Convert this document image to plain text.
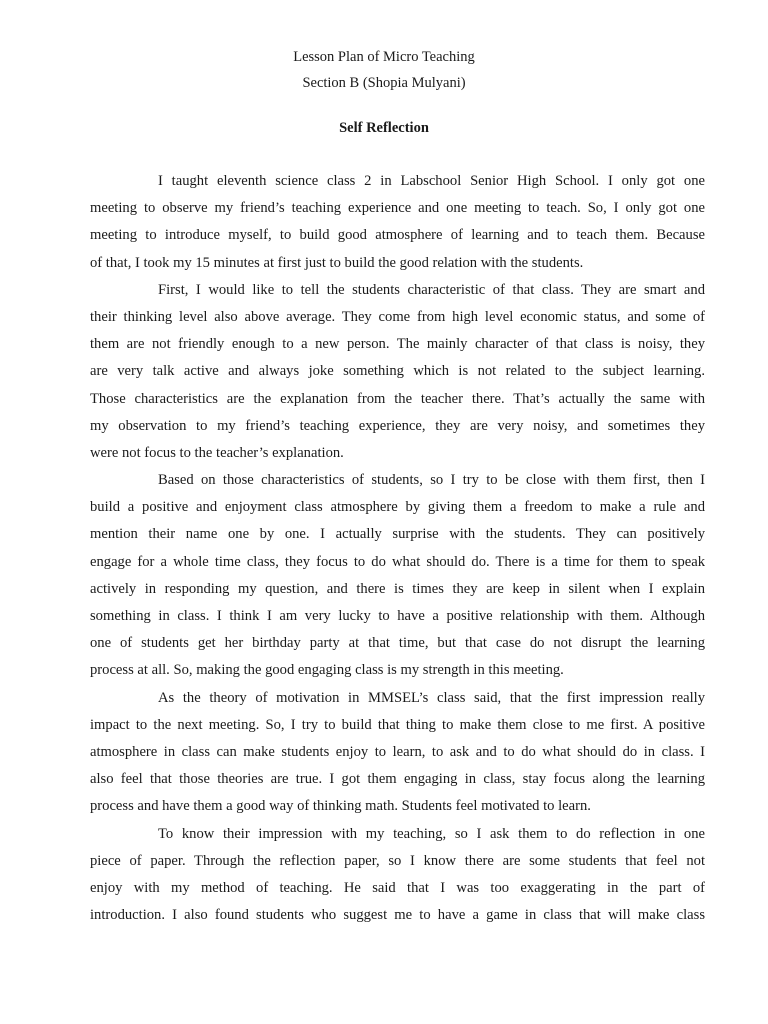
Lesson Plan of Micro Teaching
Section B (Shopia Mulyani)
Self Reflection
I taught eleventh science class 2 in Labschool Senior High School. I only got one
meeting to observe my friend’s teaching experience and one meeting to teach. So, I only got one
meeting to introduce myself, to build good atmosphere of learning and to teach them. Because
of that, I took my 15 minutes at first just to build the good relation with the students.
First, I would like to tell the students characteristic of that class. They are smart and
their thinking level also above average. They come from high level economic status, and some of
them are not friendly enough to a new person. The mainly character of that class is noisy, they
are very talk active and always joke something which is not related to the subject learning.
Those characteristics are the explanation from the teacher there. That’s actually the same with
my observation to my friend’s teaching experience, they are very noisy, and sometimes they
were not focus to the teacher’s explanation.
Based on those characteristics of students, so I try to be close with them first, then I
build a positive and enjoyment class atmosphere by giving them a freedom to make a rule and
mention their name one by one. I actually surprise with the students. They can positively
engage for a whole time class, they focus to do what should do. There is a time for them to speak
actively in responding my question, and there is times they are keep in silent when I explain
something in class. I think I am very lucky to have a positive relationship with them. Although
one of students get her birthday party at that time, but that case do not disrupt the learning
process at all. So, making the good engaging class is my strength in this meeting.
As the theory of motivation in MMSEL’s class said, that the first impression really
impact to the next meeting. So, I try to build that thing to make them close to me first. A positive
atmosphere in class can make students enjoy to learn, to ask and to do what should do in class. I
also feel that those theories are true. I got them engaging in class, stay focus along the learning
process and have them a good way of thinking math. Students feel motivated to learn.
To know their impression with my teaching, so I ask them to do reflection in one
piece of paper. Through the reflection paper, so I know there are some students that feel not
enjoy with my method of teaching. He said that I was too exaggerating in the part of
introduction. I also found students who suggest me to have a game in class that will make class
